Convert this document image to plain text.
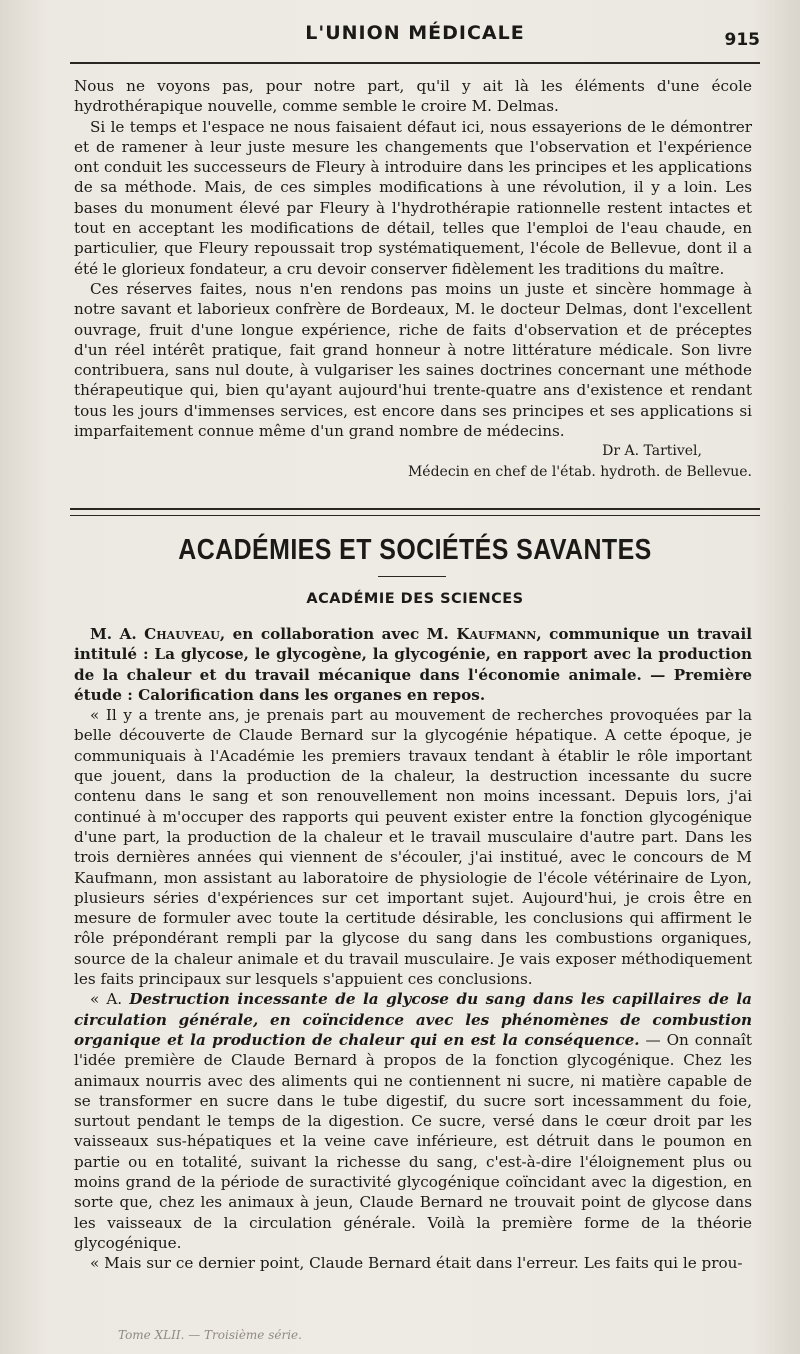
L'UNION MÉDICALE	915

Nous ne voyons pas, pour notre part, qu'il y ait là les éléments d'une école hydrothérapique nouvelle, comme semble le croire M. Delmas.

Si le temps et l'espace ne nous faisaient défaut ici, nous essayerions de le démontrer et de ramener à leur juste mesure les changements que l'observation et l'expérience ont conduit les successeurs de Fleury à introduire dans les principes et les applications de sa méthode. Mais, de ces simples modifications à une révolution, il y a loin. Les bases du monument élevé par Fleury à l'hydrothérapie rationnelle restent intactes et tout en acceptant les modifications de détail, telles que l'emploi de l'eau chaude, en particulier, que Fleury repoussait trop systématiquement, l'école de Bellevue, dont il a été le glorieux fondateur, a cru devoir conserver fidèlement les traditions du maître.

Ces réserves faites, nous n'en rendons pas moins un juste et sincère hommage à notre savant et laborieux confrère de Bordeaux, M. le docteur Delmas, dont l'excellent ouvrage, fruit d'une longue expérience, riche de faits d'observation et de préceptes d'un réel intérêt pratique, fait grand honneur à notre littérature médicale. Son livre contribuera, sans nul doute, à vulgariser les saines doctrines concernant une méthode thérapeutique qui, bien qu'ayant aujourd'hui trente-quatre ans d'existence et rendant tous les jours d'immenses services, est encore dans ses principes et ses applications si imparfaitement connue même d'un grand nombre de médecins.

Dr A. Tartivel,

Médecin en chef de l'étab. hydroth. de Bellevue.

ACADÉMIES ET SOCIÉTÉS SAVANTES
ACADÉMIE DES SCIENCES

M. A. Chauveau, en collaboration avec M. Kaufmann, communique un travail intitulé : La glycose, le glycogène, la glycogénie, en rapport avec la production de la chaleur et du travail mécanique dans l'économie animale. — Première étude : Calorification dans les organes en repos.

« Il y a trente ans, je prenais part au mouvement de recherches provoquées par la belle découverte de Claude Bernard sur la glycogénie hépatique. A cette époque, je communiquais à l'Académie les premiers travaux tendant à établir le rôle important que jouent, dans la production de la chaleur, la destruction incessante du sucre contenu dans le sang et son renouvellement non moins incessant. Depuis lors, j'ai continué à m'occuper des rapports qui peuvent exister entre la fonction glycogénique d'une part, la production de la chaleur et le travail musculaire d'autre part. Dans les trois dernières années qui viennent de s'écouler, j'ai institué, avec le concours de M Kaufmann, mon assistant au laboratoire de physiologie de l'école vétérinaire de Lyon, plusieurs séries d'expériences sur cet important sujet. Aujourd'hui, je crois être en mesure de formuler avec toute la certitude désirable, les conclusions qui affirment le rôle prépondérant rempli par la glycose du sang dans les combustions organiques, source de la chaleur animale et du travail musculaire. Je vais exposer méthodiquement les faits principaux sur lesquels s'appuient ces conclusions.

« A. Destruction incessante de la glycose du sang dans les capillaires de la circulation générale, en coïncidence avec les phénomènes de combustion organique et la production de chaleur qui en est la conséquence. — On connaît l'idée première de Claude Bernard à propos de la fonction glycogénique. Chez les animaux nourris avec des aliments qui ne contiennent ni sucre, ni matière capable de se transformer en sucre dans le tube digestif, du sucre sort incessamment du foie, surtout pendant le temps de la digestion. Ce sucre, versé dans le cœur droit par les vaisseaux sus-hépatiques et la veine cave inférieure, est détruit dans le poumon en partie ou en totalité, suivant la richesse du sang, c'est-à-dire l'éloignement plus ou moins grand de la période de suractivité glycogénique coïncidant avec la digestion, en sorte que, chez les animaux à jeun, Claude Bernard ne trouvait point de glycose dans les vaisseaux de la circulation générale. Voilà la première forme de la théorie glycogénique.

« Mais sur ce dernier point, Claude Bernard était dans l'erreur. Les faits qui le prou-

Tome XLII. — Troisième série.
